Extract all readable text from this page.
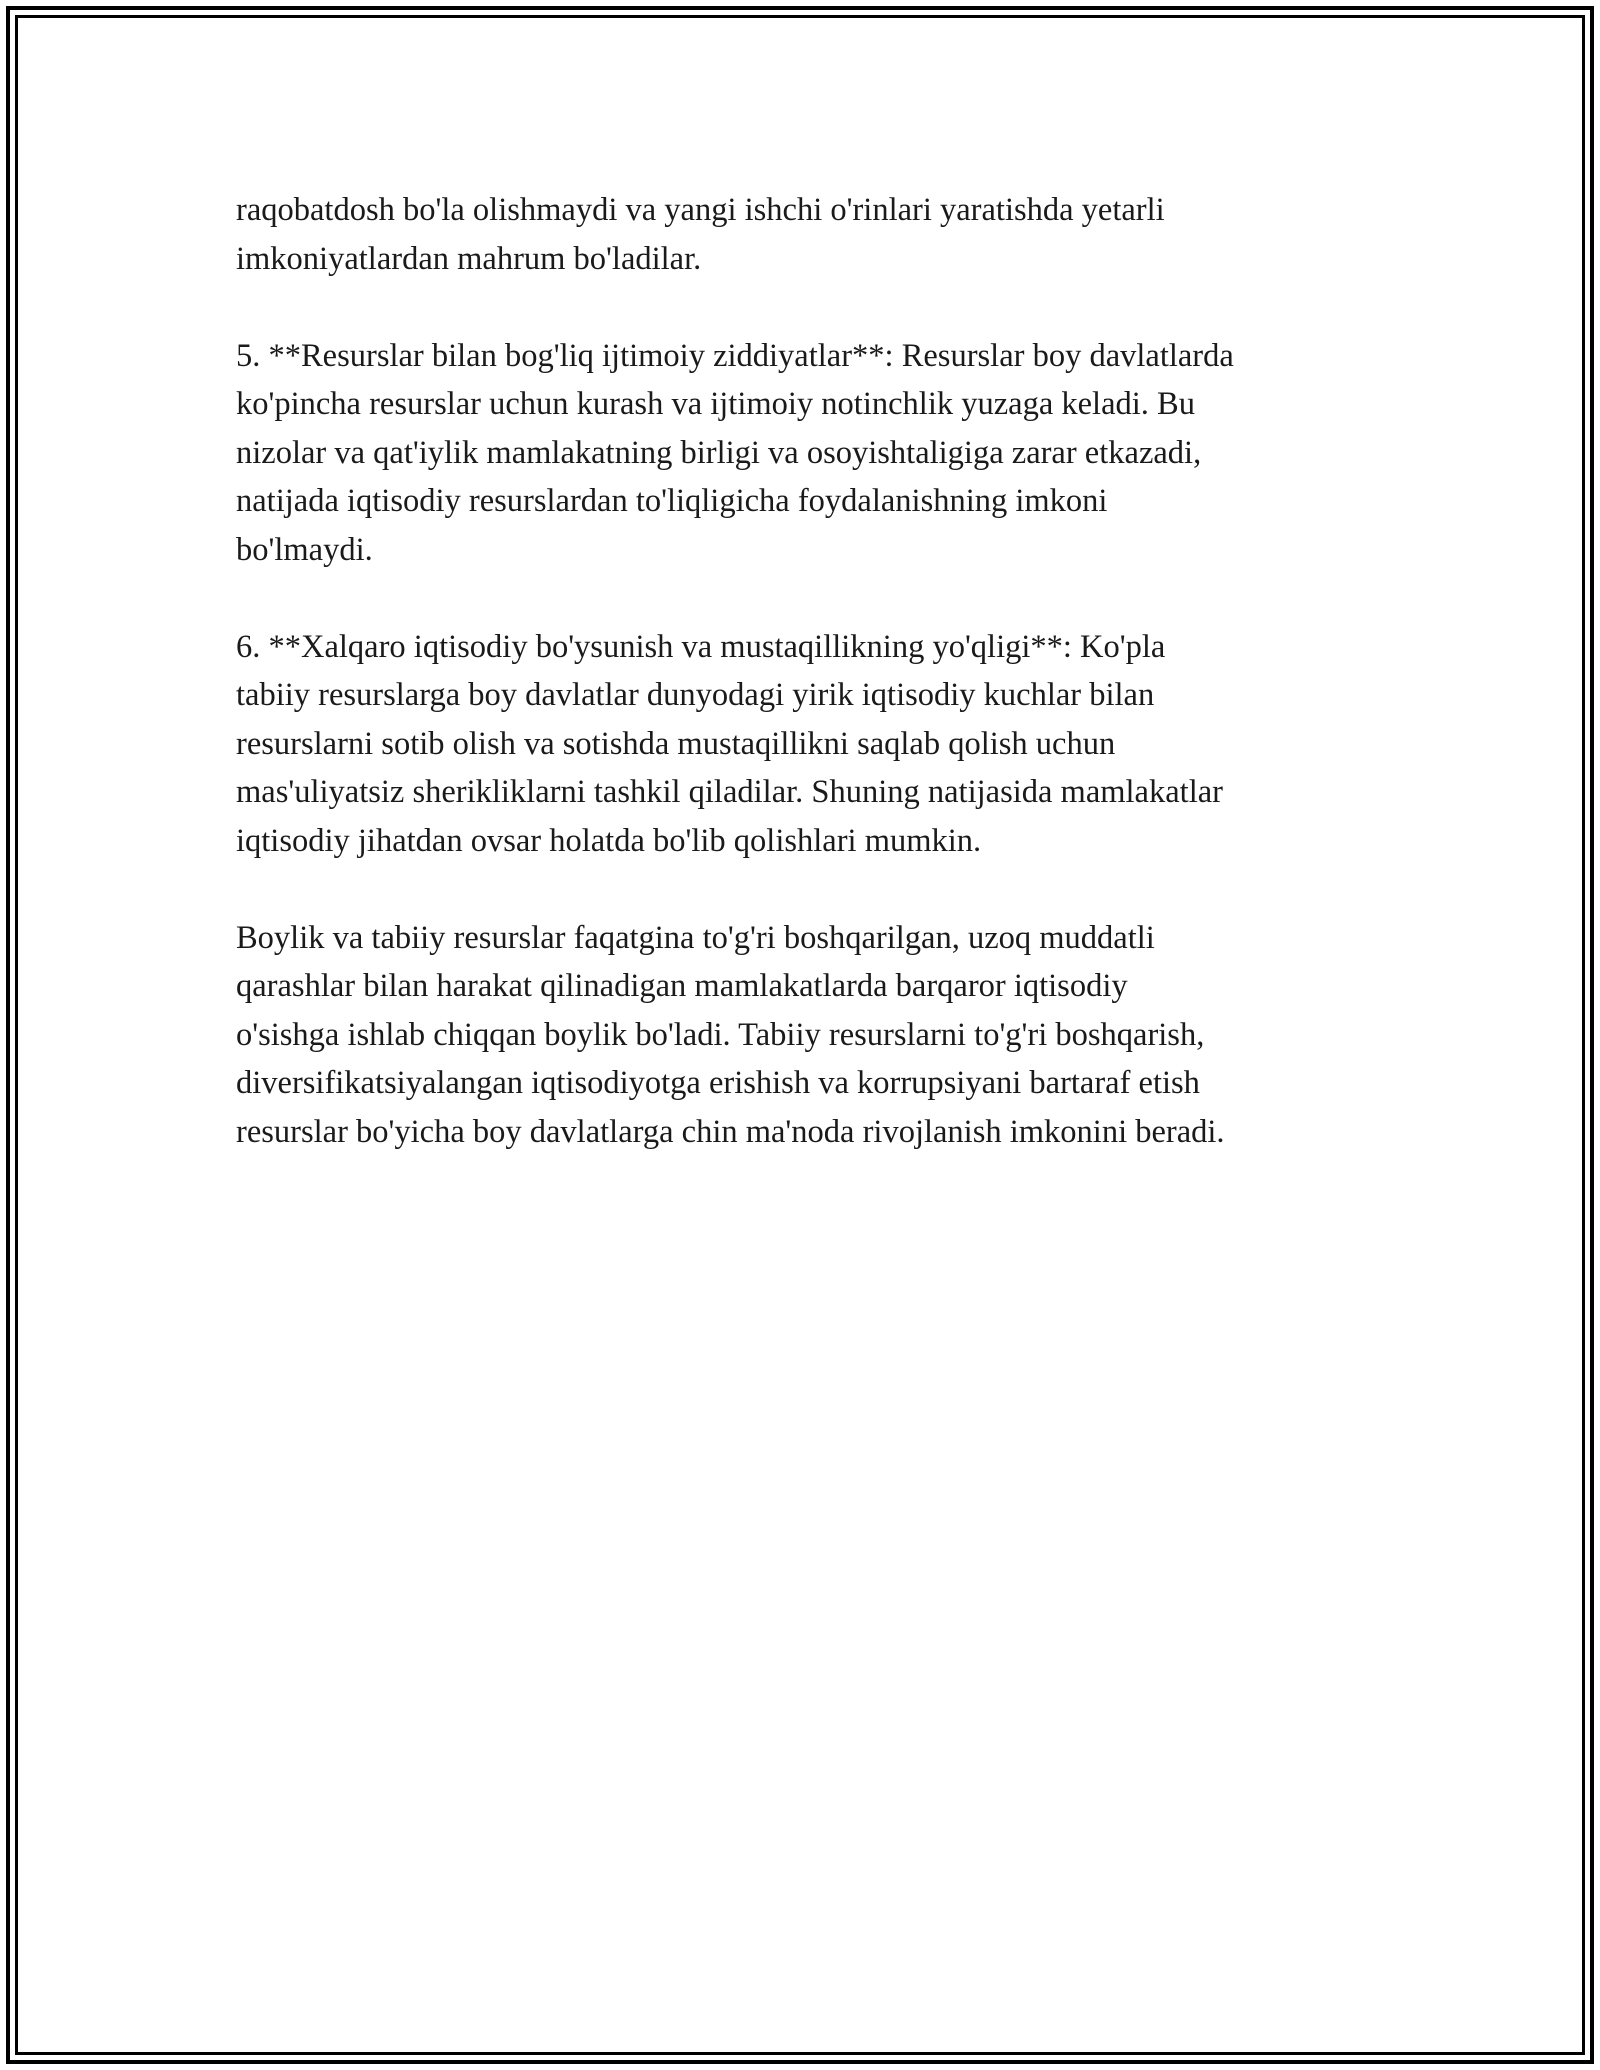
raqobatdosh bo'la olishmaydi va yangi ishchi o'rinlari yaratishda yetarli
imkoniyatlardan mahrum bo'ladilar.

5. **Resurslar bilan bog'liq ijtimoiy ziddiyatlar**: Resurslar boy davlatlarda
ko'pincha resurslar uchun kurash va ijtimoiy notinchlik yuzaga keladi. Bu
nizolar va qat'iylik mamlakatning birligi va osoyishtaligiga zarar etkazadi,
natijada iqtisodiy resurslardan to'liqligicha foydalanishning imkoni
bo'lmaydi.

6. **Xalqaro iqtisodiy bo'ysunish va mustaqillikning yo'qligi**: Ko'pla
tabiiy resurslarga boy davlatlar dunyodagi yirik iqtisodiy kuchlar bilan
resurslarni sotib olish va sotishda mustaqillikni saqlab qolish uchun
mas'uliyatsiz sherikliklarni tashkil qiladilar. Shuning natijasida mamlakatlar
iqtisodiy jihatdan ovsar holatda bo'lib qolishlari mumkin.

Boylik va tabiiy resurslar faqatgina to'g'ri boshqarilgan, uzoq muddatli
qarashlar bilan harakat qilinadigan mamlakatlarda barqaror iqtisodiy
o'sishga ishlab chiqqan boylik bo'ladi. Tabiiy resurslarni to'g'ri boshqarish,
diversifikatsiyalangan iqtisodiyotga erishish va korrupsiyani bartaraf etish
resurslar bo'yicha boy davlatlarga chin ma'noda rivojlanish imkonini beradi.
